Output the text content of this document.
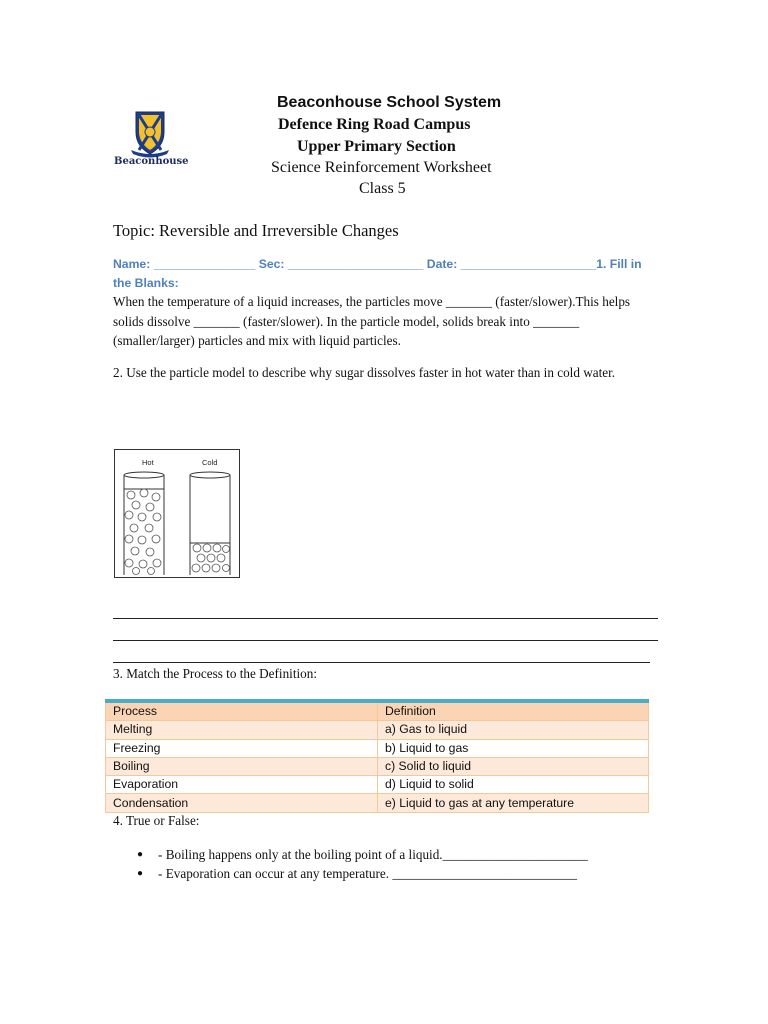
Beaconhouse
Beaconhouse School System
Defence Ring Road Campus
Upper Primary Section
Science Reinforcement Worksheet
Class 5
Topic: Reversible and Irreversible Changes
Name: _______________ Sec: ____________________ Date: ____________________1. Fill in the Blanks:
When the temperature of a liquid increases, the particles move _______ (faster/slower).This helps solids dissolve _______ (faster/slower). In the particle model, solids break into _______ (smaller/larger) particles and mix with liquid particles.
2. Use the particle model to describe why sugar dissolves faster in hot water than in cold water.
Hot	Cold
3. Match the Process to the Definition:
Process	Definition
Melting	a) Gas to liquid
Freezing	b) Liquid to gas
Boiling	c) Solid to liquid
Evaporation	d) Liquid to solid
Condensation	e) Liquid to gas at any temperature
4. True or False:
● - Boiling happens only at the boiling point of a liquid.______________________
● - Evaporation can occur at any temperature. ____________________________
